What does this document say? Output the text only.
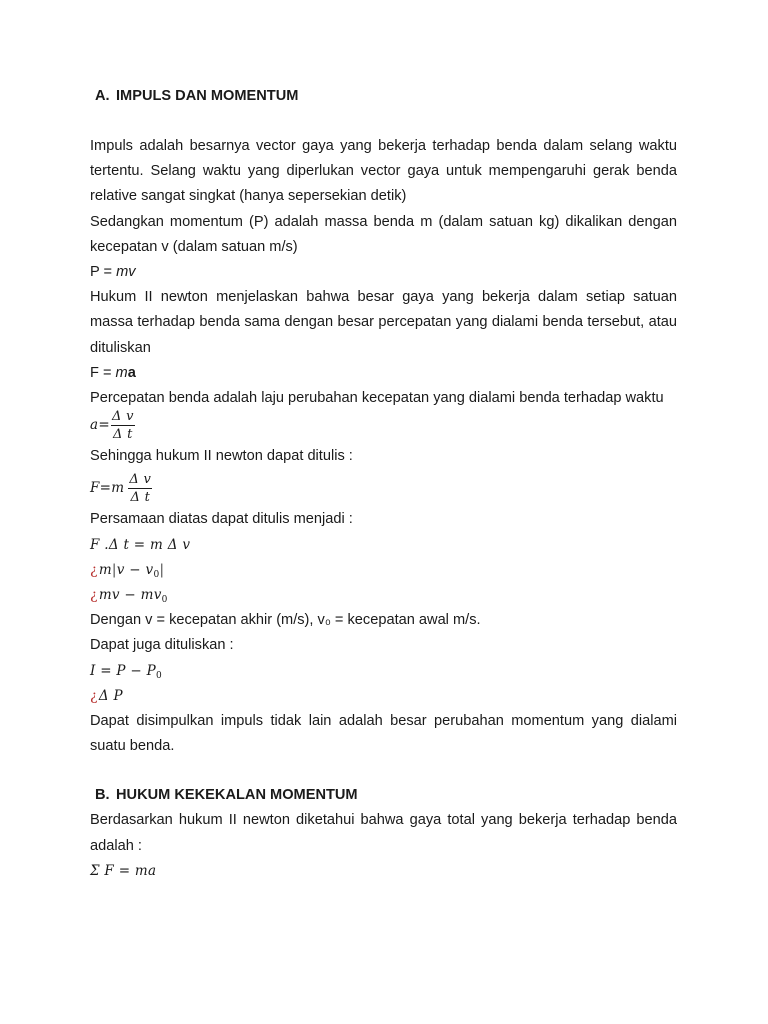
A. IMPULS DAN MOMENTUM

Impuls adalah besarnya vector gaya yang bekerja terhadap benda dalam selang waktu tertentu. Selang waktu yang diperlukan vector gaya untuk mempengaruhi gerak benda relative sangat singkat (hanya sepersekian detik)

Sedangkan momentum (P) adalah massa benda m (dalam satuan kg) dikalikan dengan kecepatan v (dalam satuan m/s)

P = mv

Hukum II newton menjelaskan bahwa besar gaya yang bekerja dalam setiap satuan massa terhadap benda sama dengan besar percepatan yang dialami benda tersebut, atau dituliskan

F = ma

Percepatan benda adalah laju perubahan kecepatan yang dialami benda terhadap waktu

$a = \frac{\text{Δ v}}{\text{Δ t}}$

Sehingga hukum II newton dapat ditulis :

F = m $\frac{\text{Δ v}}{\text{Δ t}}$

Persamaan diatas dapat ditulis menjadi :

F .Δ t = m Δ v
¿$m|v - v_0|$
¿mv − $mv_0$

Dengan v = kecepatan akhir (m/s), v₀ = kecepatan awal m/s.

Dapat juga dituliskan :

$I = P - P_0$
¿Δ P

Dapat disimpulkan impuls tidak lain adalah besar perubahan momentum yang dialami suatu benda.

B. HUKUM KEKEKALAN MOMENTUM

Berdasarkan hukum II newton diketahui bahwa gaya total yang bekerja terhadap benda adalah :

Σ F = ma
